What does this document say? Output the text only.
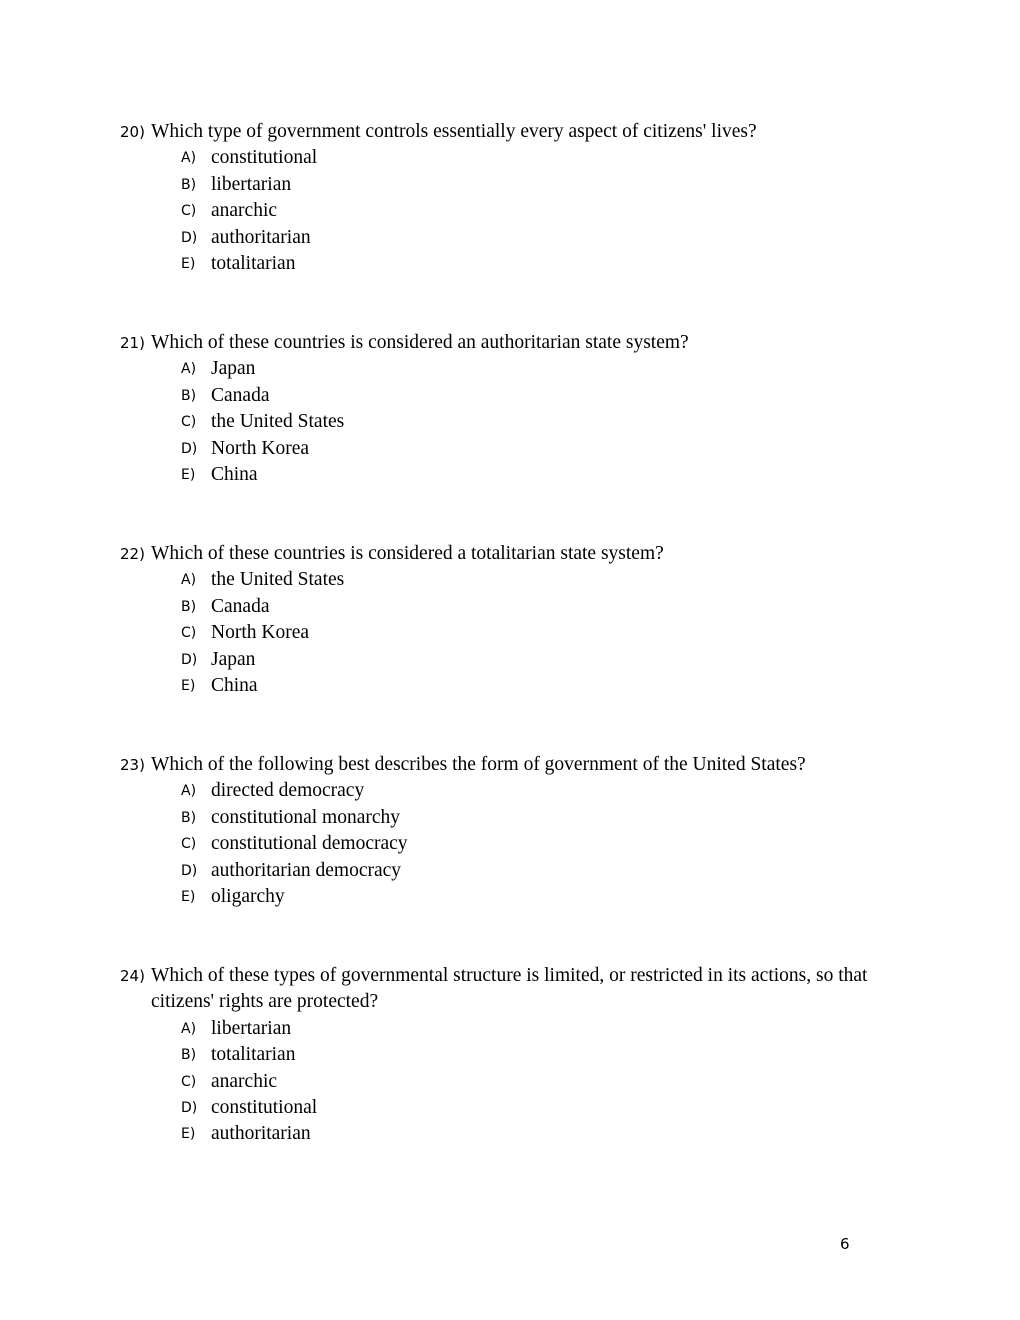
20) Which type of government controls essentially every aspect of citizens' lives?
A) constitutional
B) libertarian
C) anarchic
D) authoritarian
E) totalitarian
21) Which of these countries is considered an authoritarian state system?
A) Japan
B) Canada
C) the United States
D) North Korea
E) China
22) Which of these countries is considered a totalitarian state system?
A) the United States
B) Canada
C) North Korea
D) Japan
E) China
23) Which of the following best describes the form of government of the United States?
A) directed democracy
B) constitutional monarchy
C) constitutional democracy
D) authoritarian democracy
E) oligarchy
24) Which of these types of governmental structure is limited, or restricted in its actions, so that citizens' rights are protected?
A) libertarian
B) totalitarian
C) anarchic
D) constitutional
E) authoritarian
6
